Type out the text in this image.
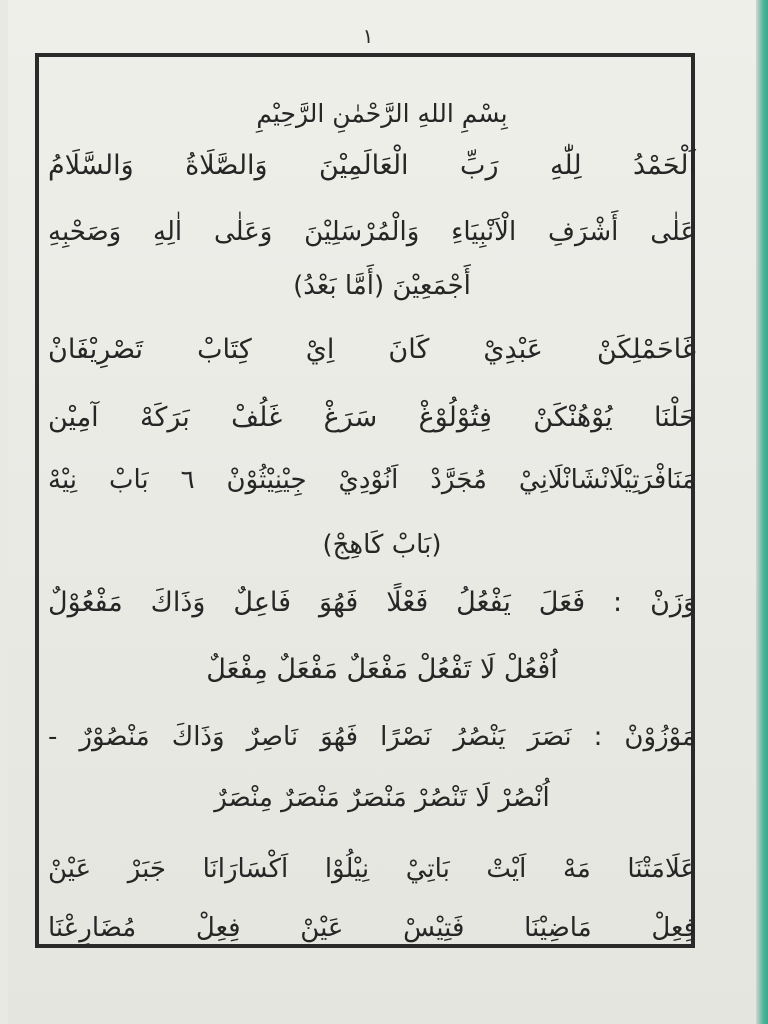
١
بِسْمِ اللهِ الرَّحْمٰنِ الرَّحِيْمِ
اَلْحَمْدُ لِلّٰهِ رَبِّ الْعَالَمِيْنَ وَالصَّلَاةُ وَالسَّلَامُ
عَلٰى أَشْرَفِ الْاَنْبِيَاءِ وَالْمُرْسَلِيْنَ وَعَلٰى اٰلِهِ وَصَحْبِهِ
أَجْمَعِيْنَ (أَمَّا بَعْدُ)
غَاحَمْلِكَنْ عَبْدِيْ كَانَ اِيْ كِتَابْ تَصْرِيْفَانْ
حَلْنَا يُوْهُنْكَنْ فِتُوْلُوْغْ سَرَغْ غَلُفْ بَرَكَهْ آمِيْن
مَنَافْرَتِيْلَانْشَانْلَانِيْ مُجَرَّدْ اَنُوْدِيْ جِيْنِيْثُوْنْ ٦ بَابْ نِيْهْ
(بَابْ كَاهِجْ)
وَزَنْ : فَعَلَ يَفْعُلُ فَعْلًا فَهُوَ فَاعِلٌ وَذَاكَ مَفْعُوْلٌ
اُفْعُلْ لَا تَفْعُلْ مَفْعَلٌ مَفْعَلٌ مِفْعَلٌ
مَوْزُوْنْ : نَصَرَ يَنْصُرُ نَصْرًا فَهُوَ نَاصِرٌ وَذَاكَ مَنْصُوْرٌ -
اُنْصُرْ لَا تَنْصُرْ مَنْصَرٌ مَنْصَرٌ مِنْصَرٌ
عَلَامَتْنَا مَهْ اَيْتْ بَاتِيْ نِيْلُوْا اَكْسَارَانَا جَبَرْ عَيْنْ
فِعِلْ مَاضِيْنَا فَتِيْسْ عَيْنْ فِعِلْ مُضَارِعْنَا
